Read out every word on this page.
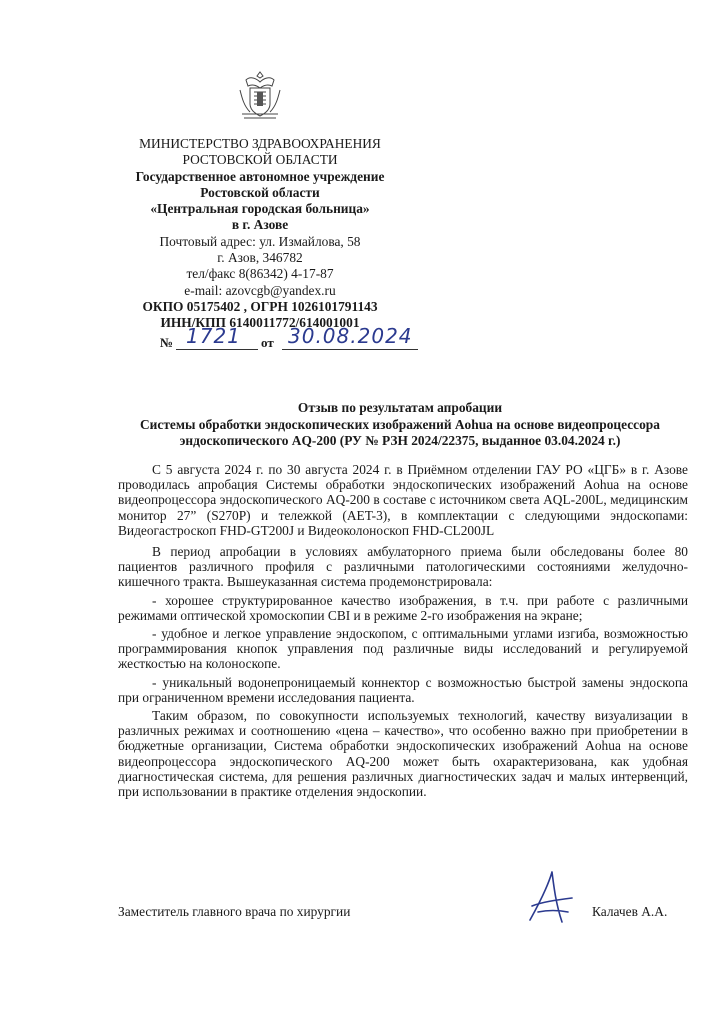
МИНИСТЕРСТВО ЗДРАВООХРАНЕНИЯ
РОСТОВСКОЙ ОБЛАСТИ
Государственное автономное учреждение
Ростовской области
«Центральная городская больница»
в г. Азове
Почтовый адрес: ул. Измайлова, 58
г. Азов, 346782
тел/факс 8(86342) 4-17-87
e-mail: azovcgb@yandex.ru
ОКПО 05175402 , ОГРН 1026101791143
ИНН/КПП 6140011772/614001001
№ 1721 от 30.08.2024
Отзыв по результатам апробации
Системы обработки эндоскопических изображений Aohua на основе видеопроцессора
эндоскопического AQ-200 (РУ № РЗН 2024/22375, выданное 03.04.2024 г.)

С 5 августа 2024 г. по 30 августа 2024 г. в Приёмном отделении ГАУ РО «ЦГБ» в г. Азове проводилась апробация Системы обработки эндоскопических изображений Aohua на основе видеопроцессора эндоскопического AQ-200 в составе с источником света AQL-200L, медицинским монитор 27” (S270P) и тележкой (AET-3), в комплектации с следующими эндоскопами: Видеогастроскоп FHD-GT200J и Видеоколоноскоп FHD-CL200JL

В период апробации в условиях амбулаторного приема были обследованы более 80 пациентов различного профиля с различными патологическими состояниями желудочно-кишечного тракта. Вышеуказанная система продемонстрировала:

- хорошее структурированное качество изображения, в т.ч. при работе с различными режимами оптической хромоскопии CBI и в режиме 2-го изображения на экране;

- удобное и легкое управление эндоскопом, с оптимальными углами изгиба, возможностью программирования кнопок управления под различные виды исследований и регулируемой жесткостью на колоноскопе.

- уникальный водонепроницаемый коннектор с возможностью быстрой замены эндоскопа при ограниченном времени исследования пациента.

Таким образом, по совокупности используемых технологий, качеству визуализации в различных режимах и соотношению «цена – качество», что особенно важно при приобретении в бюджетные организации, Система обработки эндоскопических изображений Aohua на основе видеопроцессора эндоскопического AQ-200 может быть охарактеризована, как удобная диагностическая система, для решения различных диагностических задач и малых интервенций, при использовании в практике отделения эндоскопии.

Заместитель главного врача по хирургии	Калачев А.А.
